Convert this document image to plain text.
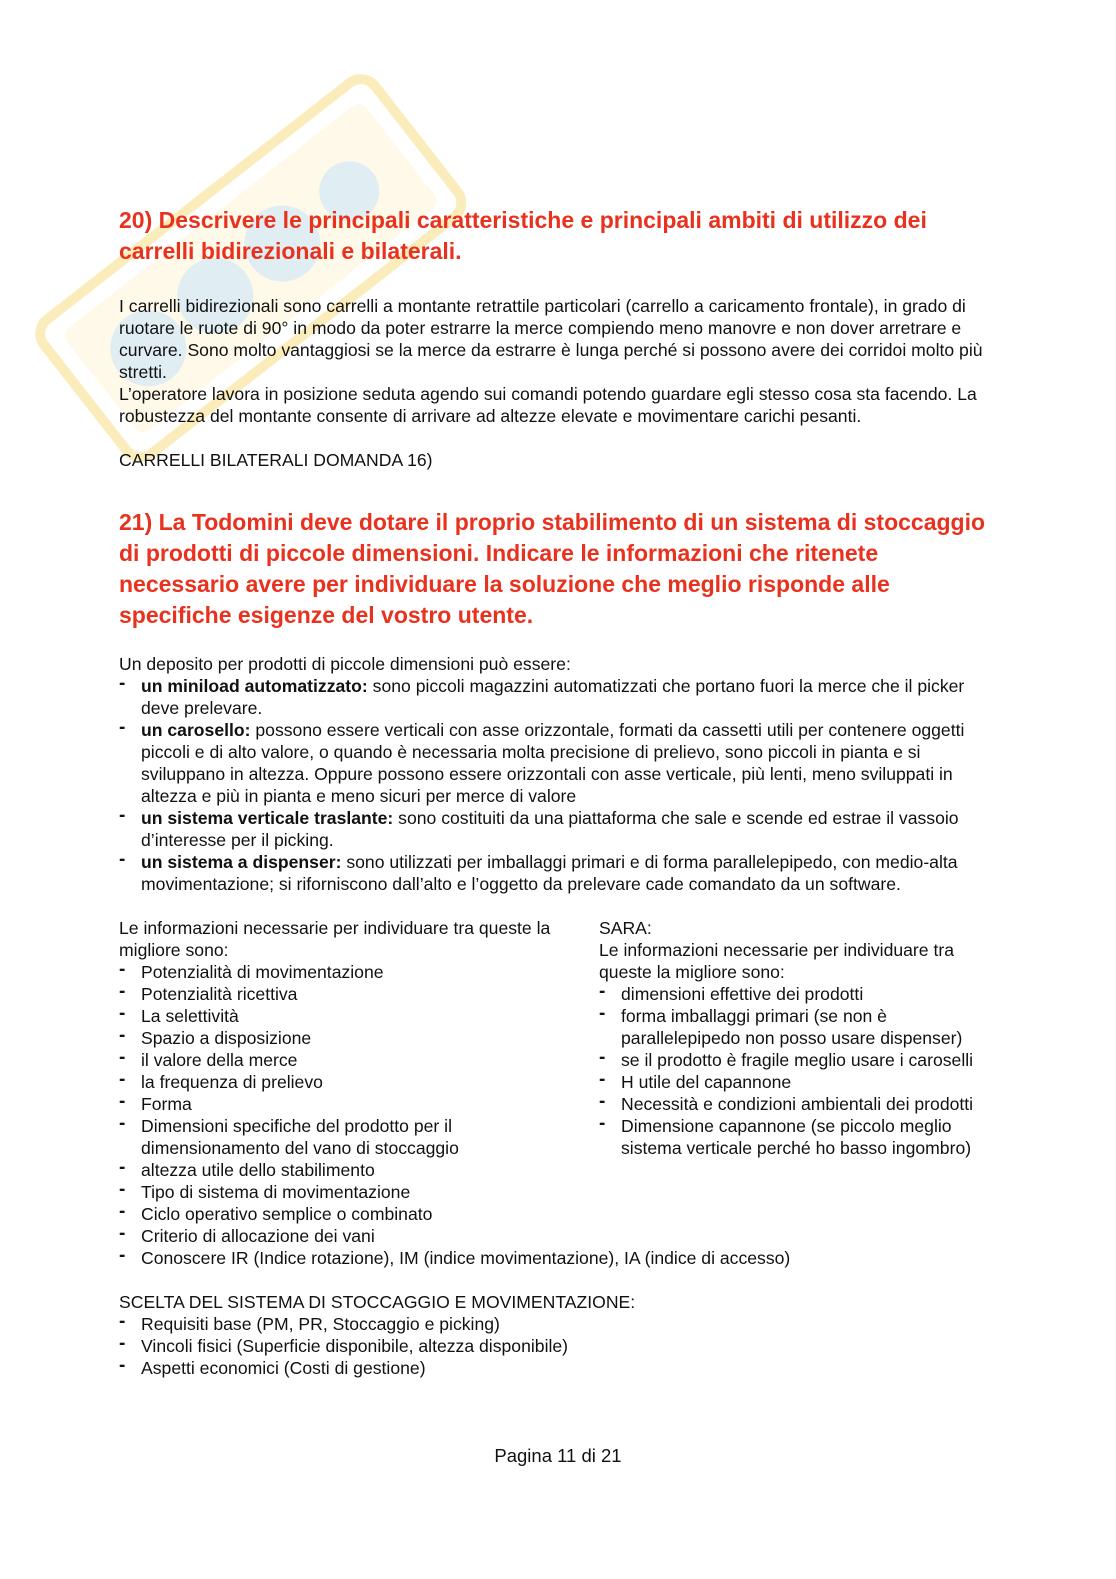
20) Descrivere le principali caratteristiche e principali ambiti di utilizzo dei carrelli bidirezionali e bilaterali.

I carrelli bidirezionali sono carrelli a montante retrattile particolari (carrello a caricamento frontale), in grado di ruotare le ruote di 90° in modo da poter estrarre la merce compiendo meno manovre e non dover arretrare e curvare. Sono molto vantaggiosi se la merce da estrarre è lunga perché si possono avere dei corridoi molto più stretti.

L’operatore lavora in posizione seduta agendo sui comandi potendo guardare egli stesso cosa sta facendo. La robustezza del montante consente di arrivare ad altezze elevate e movimentare carichi pesanti.

CARRELLI BILATERALI DOMANDA 16)

21) La Todomini deve dotare il proprio stabilimento di un sistema di stoccaggio di prodotti di piccole dimensioni. Indicare le informazioni che ritenete necessario avere per individuare la soluzione che meglio risponde alle specifiche esigenze del vostro utente.

Un deposito per prodotti di piccole dimensioni può essere:

- un miniload automatizzato: sono piccoli magazzini automatizzati che portano fuori la merce che il picker deve prelevare.
- un carosello: possono essere verticali con asse orizzontale, formati da cassetti utili per contenere oggetti piccoli e di alto valore, o quando è necessaria molta precisione di prelievo, sono piccoli in pianta e si sviluppano in altezza. Oppure possono essere orizzontali con asse verticale, più lenti, meno sviluppati in altezza e più in pianta e meno sicuri per merce di valore
- un sistema verticale traslante: sono costituiti da una piattaforma che sale e scende ed estrae il vassoio d’interesse per il picking.
- un sistema a dispenser: sono utilizzati per imballaggi primari e di forma parallelepipedo, con medio-alta movimentazione; si riforniscono dall’alto e l’oggetto da prelevare cade comandato da un software.

Le informazioni necessarie per individuare tra queste la migliore sono:

- Potenzialità di movimentazione
- Potenzialità ricettiva
- La selettività
- Spazio a disposizione
- il valore della merce
- la frequenza di prelievo
- Forma
- Dimensioni specifiche del prodotto per il dimensionamento del vano di stoccaggio
- altezza utile dello stabilimento
- Tipo di sistema di movimentazione
- Ciclo operativo semplice o combinato
- Criterio di allocazione dei vani

SARA:

Le informazioni necessarie per individuare tra queste la migliore sono:

- dimensioni effettive dei prodotti
- forma imballaggi primari (se non è parallelepipedo non posso usare dispenser)
- se il prodotto è fragile meglio usare i caroselli
- H utile del capannone
- Necessità e condizioni ambientali dei prodotti
- Dimensione capannone (se piccolo meglio sistema verticale perché ho basso ingombro)
- Conoscere IR (Indice rotazione), IM (indice movimentazione), IA (indice di accesso)

SCELTA DEL SISTEMA DI STOCCAGGIO E MOVIMENTAZIONE:

- Requisiti base (PM, PR, Stoccaggio e picking)
- Vincoli fisici (Superficie disponibile, altezza disponibile)
- Aspetti economici (Costi di gestione)
Pagina 11 di 21
